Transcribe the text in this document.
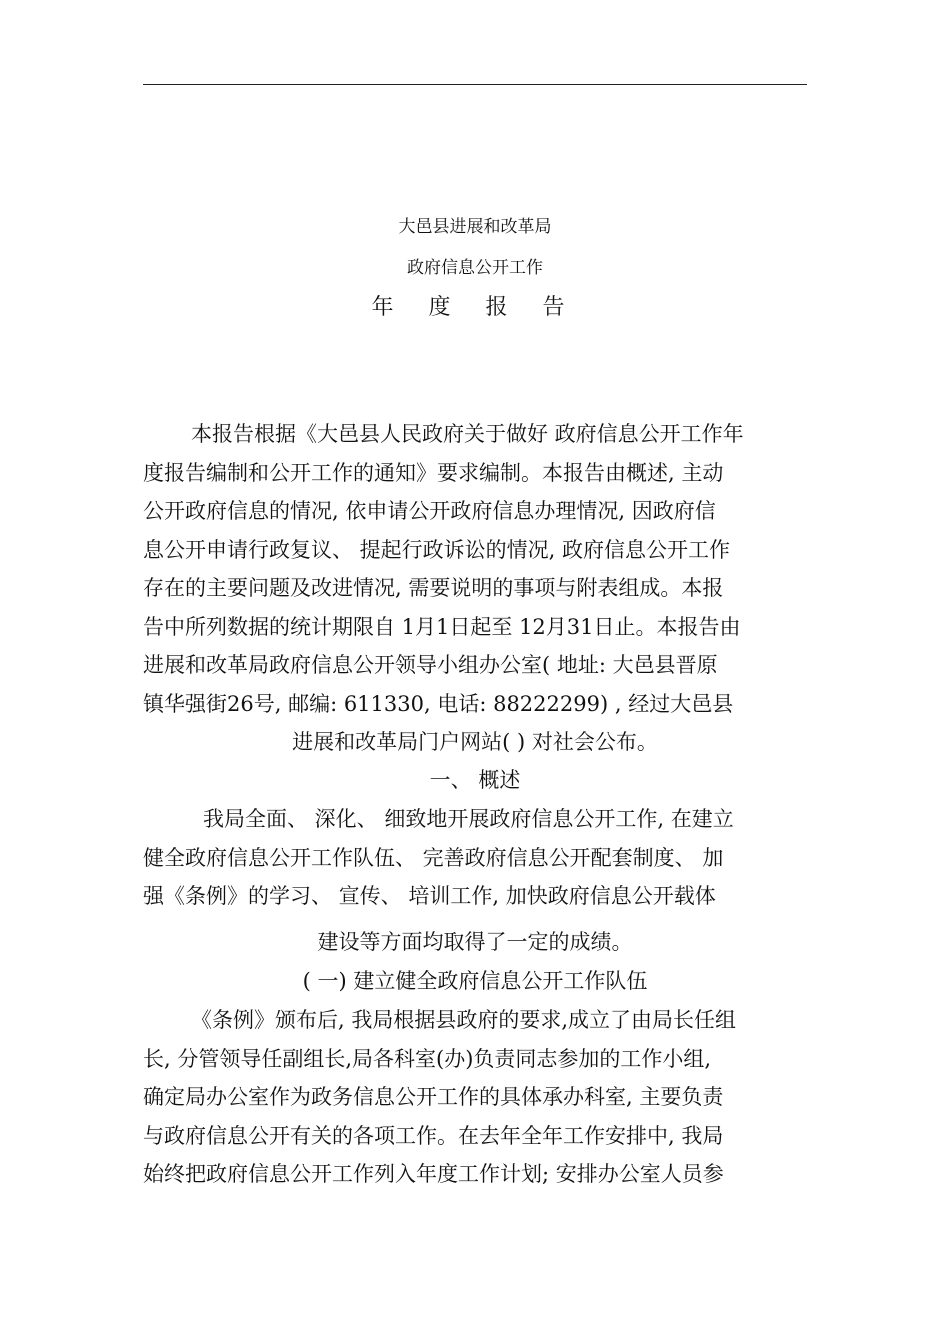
大邑县进展和改革局
政府信息公开工作
年 度 报 告

本报告根据《大邑县人民政府关于做好 政府信息公开工作年

度报告编制和公开工作的通知》要求编制。本报告由概述, 主动

公开政府信息的情况, 依申请公开政府信息办理情况, 因政府信

息公开申请行政复议、 提起行政诉讼的情况, 政府信息公开工作

存在的主要问题及改进情况, 需要说明的事项与附表组成。本报

告中所列数据的统计期限自 1月1日起至 12月31日止。本报告由

进展和改革局政府信息公开领导小组办公室( 地址: 大邑县晋原

镇华强街26号, 邮编: 611330, 电话: 88222299) , 经过大邑县

进展和改革局门户网站( ) 对社会公布。
一、 概述

我局全面、 深化、 细致地开展政府信息公开工作, 在建立

健全政府信息公开工作队伍、 完善政府信息公开配套制度、 加

强《条例》的学习、 宣传、 培训工作, 加快政府信息公开载体

建设等方面均取得了一定的成绩。
( 一) 建立健全政府信息公开工作队伍

《条例》颁布后, 我局根据县政府的要求,成立了由局长任组

长, 分管领导任副组长,局各科室(办)负责同志参加的工作小组,

确定局办公室作为政务信息公开工作的具体承办科室, 主要负责

与政府信息公开有关的各项工作。在去年全年工作安排中, 我局

始终把政府信息公开工作列入年度工作计划; 安排办公室人员参
